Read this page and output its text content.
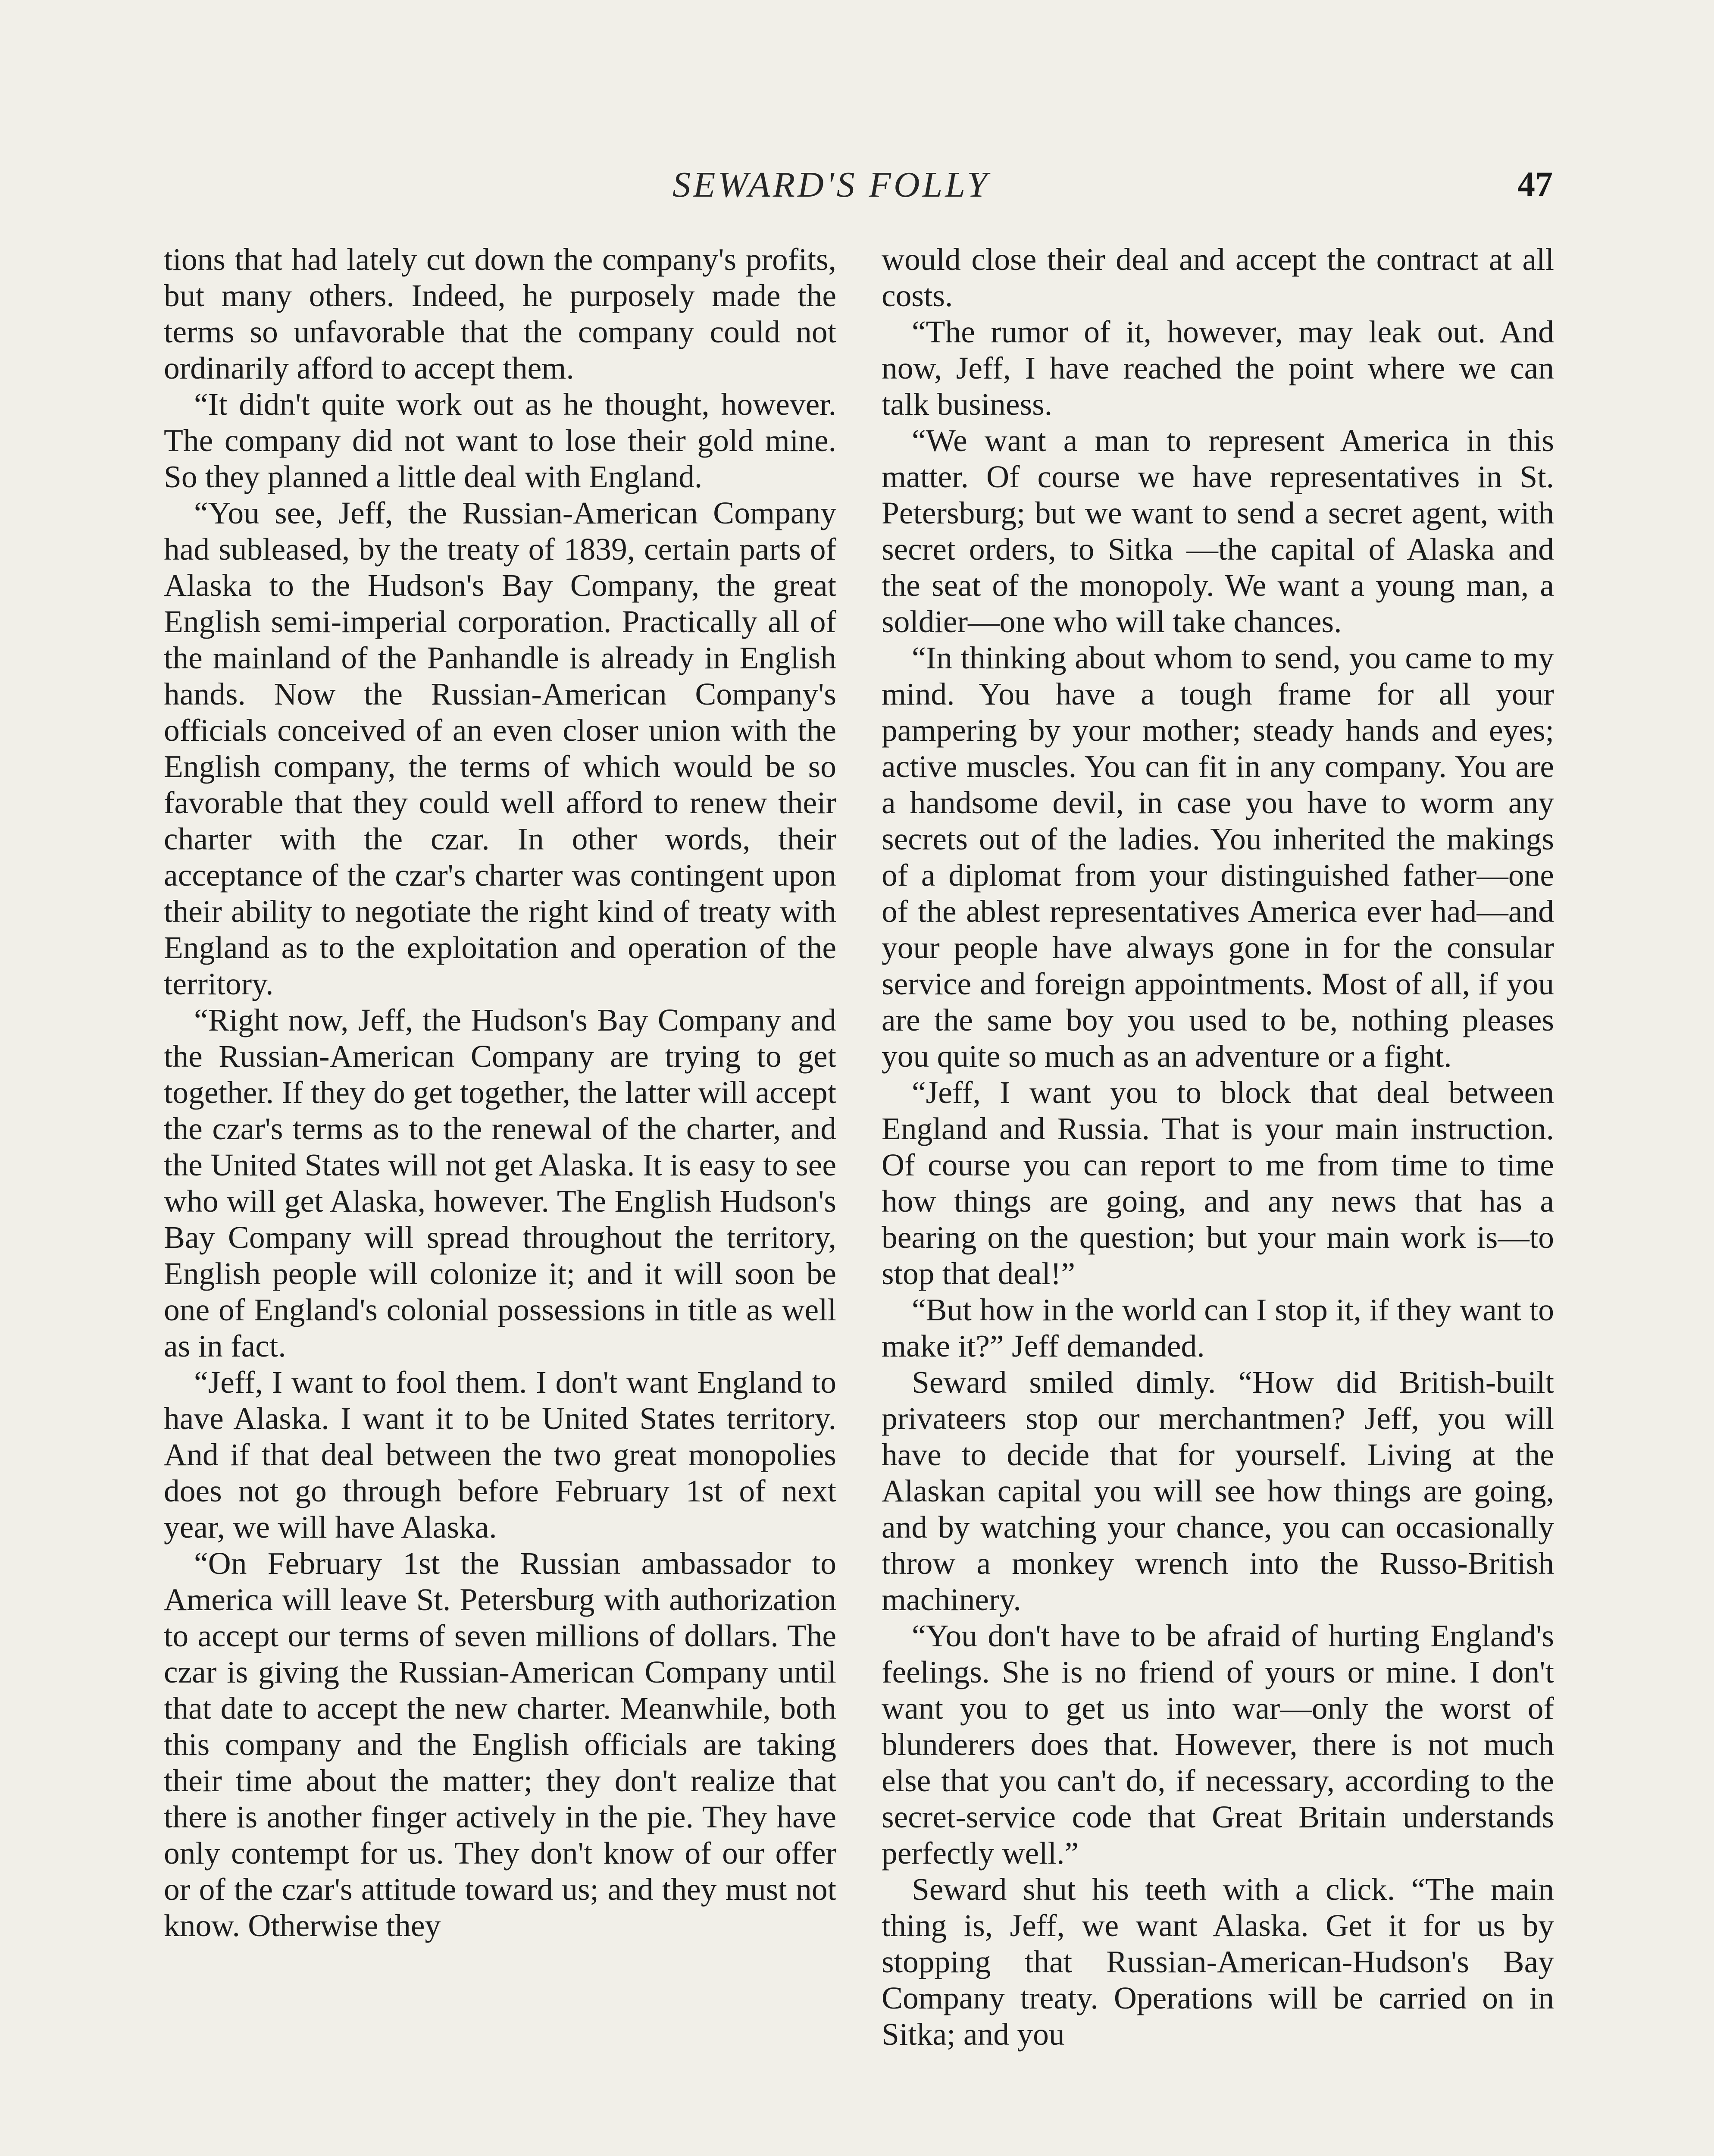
SEWARD'S FOLLY	47

tions that had lately cut down the company's profits, but many others. Indeed, he purposely made the terms so unfavorable that the company could not ordinarily afford to accept them.

“It didn't quite work out as he thought, however. The company did not want to lose their gold mine. So they planned a little deal with England.

“You see, Jeff, the Russian-American Company had subleased, by the treaty of 1839, certain parts of Alaska to the Hudson's Bay Company, the great English semi-imperial corporation. Practically all of the mainland of the Panhandle is already in English hands. Now the Russian-American Company's officials conceived of an even closer union with the English company, the terms of which would be so favorable that they could well afford to renew their charter with the czar. In other words, their acceptance of the czar's charter was contingent upon their ability to negotiate the right kind of treaty with England as to the exploitation and operation of the territory.

“Right now, Jeff, the Hudson's Bay Company and the Russian-American Company are trying to get together. If they do get together, the latter will accept the czar's terms as to the renewal of the charter, and the United States will not get Alaska. It is easy to see who will get Alaska, however. The English Hudson's Bay Company will spread throughout the territory, English people will colonize it; and it will soon be one of England's colonial possessions in title as well as in fact.

“Jeff, I want to fool them. I don't want England to have Alaska. I want it to be United States territory. And if that deal between the two great monopolies does not go through before February 1st of next year, we will have Alaska.

“On February 1st the Russian ambassador to America will leave St. Petersburg with authorization to accept our terms of seven millions of dollars. The czar is giving the Russian-American Company until that date to accept the new charter. Meanwhile, both this company and the English officials are taking their time about the matter; they don't realize that there is another finger actively in the pie. They have only contempt for us. They don't know of our offer or of the czar's attitude toward us; and they must not know. Otherwise they

would close their deal and accept the contract at all costs.

“The rumor of it, however, may leak out. And now, Jeff, I have reached the point where we can talk business.

“We want a man to represent America in this matter. Of course we have representatives in St. Petersburg; but we want to send a secret agent, with secret orders, to Sitka —the capital of Alaska and the seat of the monopoly. We want a young man, a soldier—one who will take chances.

“In thinking about whom to send, you came to my mind. You have a tough frame for all your pampering by your mother; steady hands and eyes; active muscles. You can fit in any company. You are a handsome devil, in case you have to worm any secrets out of the ladies. You inherited the makings of a diplomat from your distinguished father—one of the ablest representatives America ever had—and your people have always gone in for the consular service and foreign appointments. Most of all, if you are the same boy you used to be, nothing pleases you quite so much as an adventure or a fight.

“Jeff, I want you to block that deal between England and Russia. That is your main instruction. Of course you can report to me from time to time how things are going, and any news that has a bearing on the question; but your main work is—to stop that deal!”

“But how in the world can I stop it, if they want to make it?” Jeff demanded.

Seward smiled dimly. “How did British-built privateers stop our merchantmen? Jeff, you will have to decide that for yourself. Living at the Alaskan capital you will see how things are going, and by watching your chance, you can occasionally throw a monkey wrench into the Russo-British machinery.

“You don't have to be afraid of hurting England's feelings. She is no friend of yours or mine. I don't want you to get us into war—only the worst of blunderers does that. However, there is not much else that you can't do, if necessary, according to the secret-service code that Great Britain understands perfectly well.”

Seward shut his teeth with a click. “The main thing is, Jeff, we want Alaska. Get it for us by stopping that Russian-American-Hudson's Bay Company treaty. Operations will be carried on in Sitka; and you
